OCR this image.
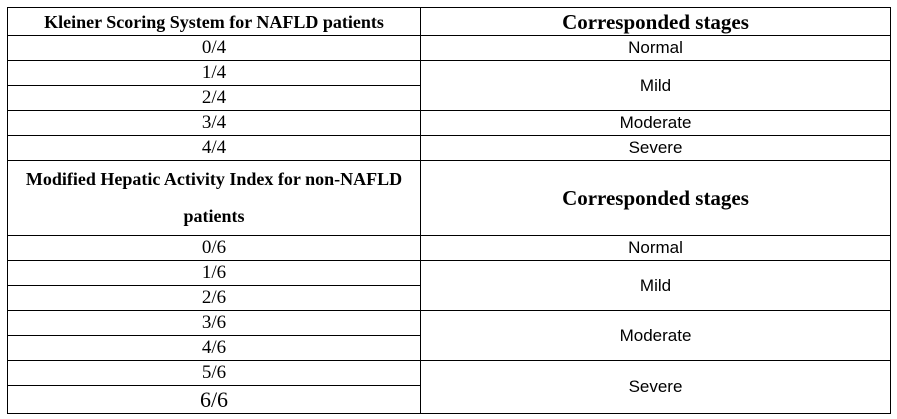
Kleiner Scoring System for NAFLD patients	Corresponded stages
0/4	Normal
1/4	Mild
2/4	
3/4	Moderate
4/4	Severe
Modified Hepatic Activity Index for non-NAFLD patients	Corresponded stages
0/6	Normal
1/6	Mild
2/6	
3/6	Moderate
4/6	
5/6	Severe
6/6	
